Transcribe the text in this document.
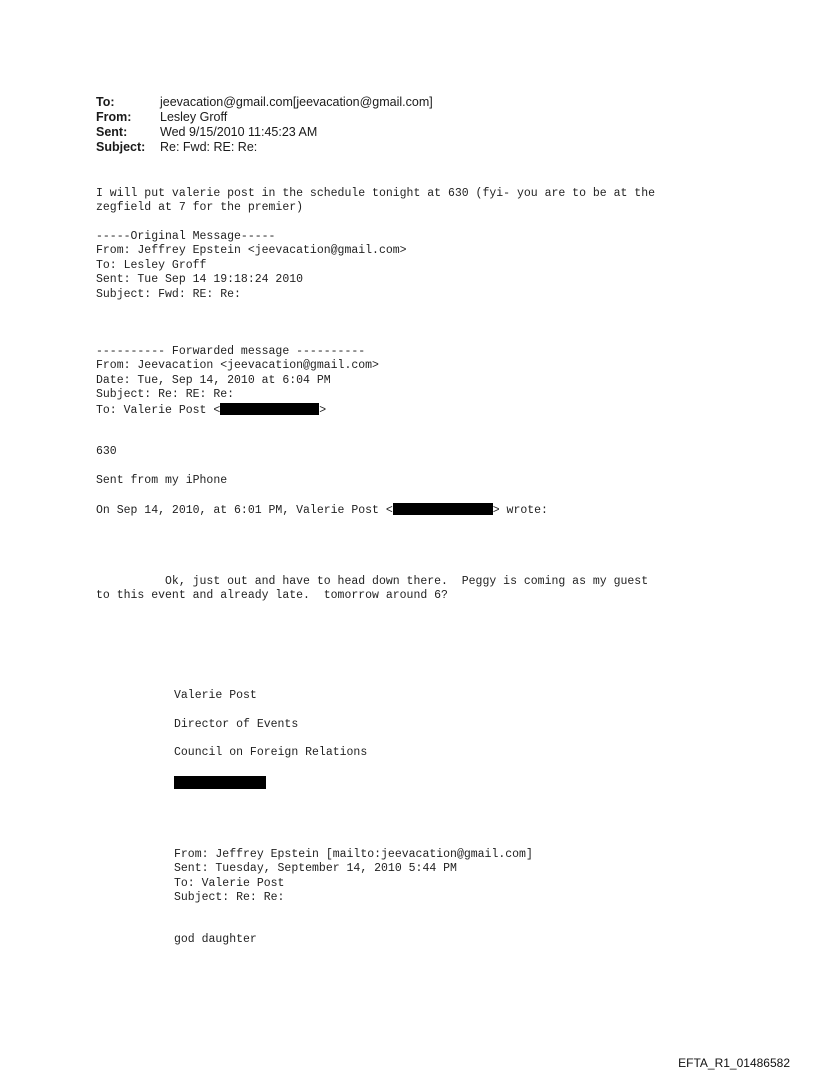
To:	jeevacation@gmail.com[jeevacation@gmail.com]
From: Lesley Groff
Sent:	Wed 9/15/2010 11:45:23 AM
Subject: Re: Fwd: RE: Re:

I will put valerie post in the schedule tonight at 630 (fyi- you are to be at the
zegfield at 7 for the premier)

-----Original Message-----
From: Jeffrey Epstein <jeevacation@gmail.com>
To: Lesley Groff
Sent: Tue Sep 14 19:18:24 2010
Subject: Fwd: RE: Re:

---------- Forwarded message ----------
From: Jeevacation <jeevacation@gmail.com>
Date: Tue, Sep 14, 2010 at 6:04 PM
Subject: Re: RE: Re:
To: Valerie Post <	>

630
Sent from my iPhone
On Sep 14, 2010, at 6:01 PM, Valerie Post <	> wrote:

Ok, just out and have to head down there.  Peggy is coming as my guest
to this event and already late.  tomorrow around 6?

Valerie Post
Director of Events
Council on Foreign Relations

From: Jeffrey Epstein [mailto:jeevacation@gmail.com]
Sent: Tuesday, September 14, 2010 5:44 PM
To: Valerie Post
Subject: Re: Re:

god daughter
EFTA_R1_01486582
